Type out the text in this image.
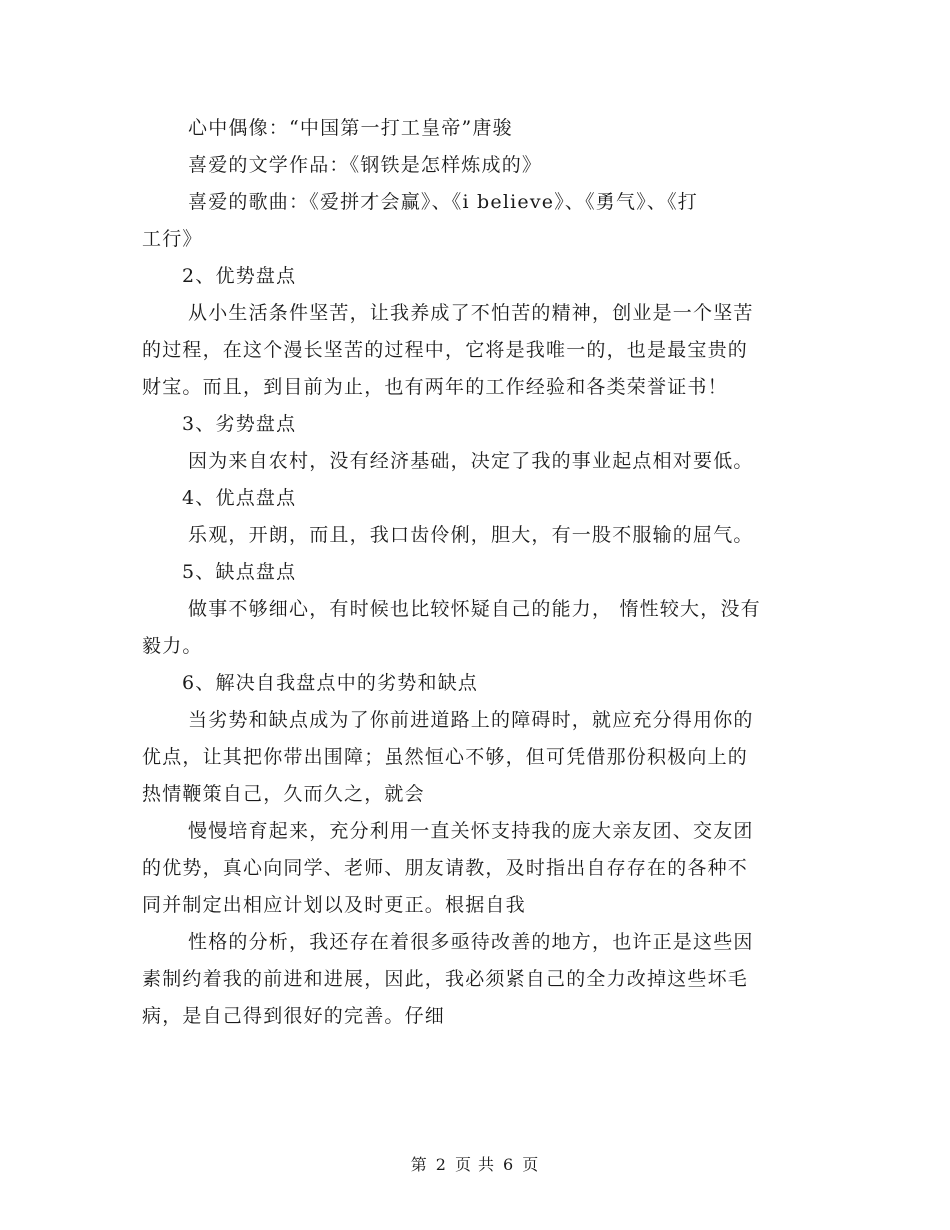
心中偶像：“中国第一打工皇帝”唐骏
喜爱的文学作品：《钢铁是怎样炼成的》
喜爱的歌曲：《爱拼才会赢》、《i believe》、《勇气》、《打
工行》
2、优势盘点
从小生活条件坚苦，让我养成了不怕苦的精神，创业是一个坚苦
的过程，在这个漫长坚苦的过程中，它将是我唯一的，也是最宝贵的
财宝。而且，到目前为止，也有两年的工作经验和各类荣誉证书！
3、劣势盘点
因为来自农村，没有经济基础，决定了我的事业起点相对要低。
4、优点盘点
乐观，开朗，而且，我口齿伶俐，胆大，有一股不服输的屈气。
5、缺点盘点
做事不够细心，有时候也比较怀疑自己的能力， 惰性较大，没有
毅力。
6、解决自我盘点中的劣势和缺点
当劣势和缺点成为了你前进道路上的障碍时，就应充分得用你的
优点，让其把你带出围障；虽然恒心不够，但可凭借那份积极向上的
热情鞭策自己，久而久之，就会
慢慢培育起来，充分利用一直关怀支持我的庞大亲友团、交友团
的优势，真心向同学、老师、朋友请教，及时指出自存存在的各种不
同并制定出相应计划以及时更正。根据自我
性格的分析，我还存在着很多亟待改善的地方，也许正是这些因
素制约着我的前进和进展，因此，我必须紧自己的全力改掉这些坏毛
病，是自己得到很好的完善。仔细
第 2 页 共 6 页
